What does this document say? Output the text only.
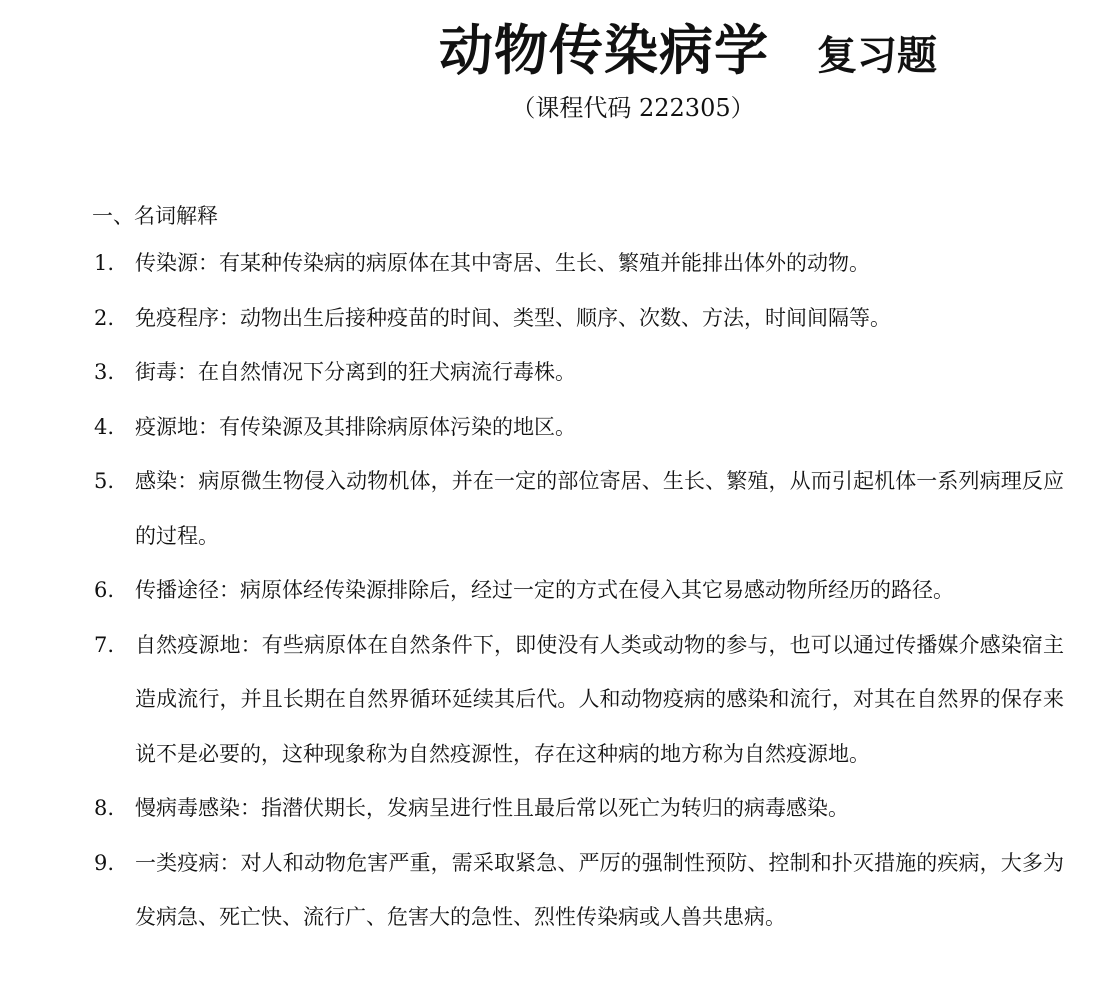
动物传染病学 复习题
（课程代码 222305）
一、名词解释
1. 传染源：有某种传染病的病原体在其中寄居、生长、繁殖并能排出体外的动物。
2. 免疫程序：动物出生后接种疫苗的时间、类型、顺序、次数、方法，时间间隔等。
3. 街毒：在自然情况下分离到的狂犬病流行毒株。
4. 疫源地：有传染源及其排除病原体污染的地区。
5. 感染：病原微生物侵入动物机体，并在一定的部位寄居、生长、繁殖，从而引起机体一系列病理反应的过程。
6. 传播途径：病原体经传染源排除后，经过一定的方式在侵入其它易感动物所经历的路径。
7. 自然疫源地：有些病原体在自然条件下，即使没有人类或动物的参与，也可以通过传播媒介感染宿主造成流行，并且长期在自然界循环延续其后代。人和动物疫病的感染和流行，对其在自然界的保存来说不是必要的，这种现象称为自然疫源性，存在这种病的地方称为自然疫源地。
8. 慢病毒感染：指潜伏期长，发病呈进行性且最后常以死亡为转归的病毒感染。
9. 一类疫病：对人和动物危害严重，需采取紧急、严厉的强制性预防、控制和扑灭措施的疾病，大多为发病急、死亡快、流行广、危害大的急性、烈性传染病或人兽共患病。
